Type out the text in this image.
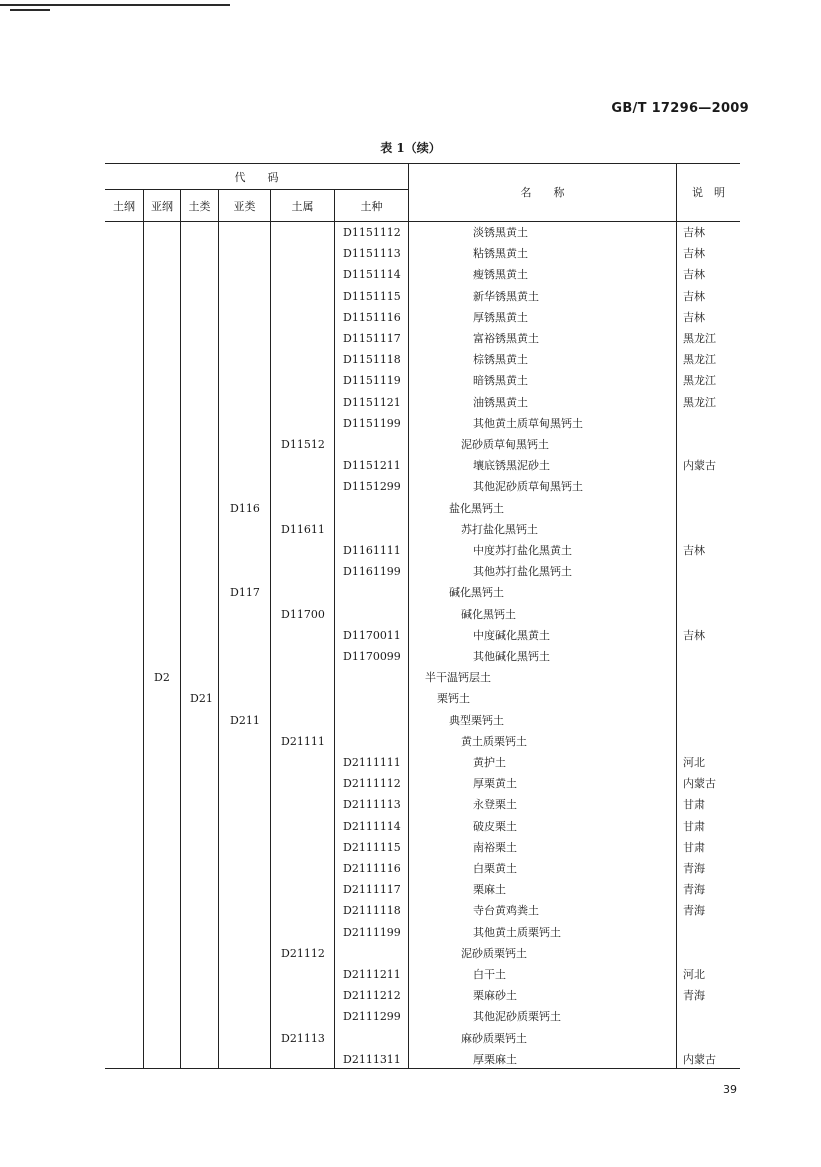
GB/T 17296—2009
表 1（续）
代　　码
名　　称	说　明
土纲	亚纲	土类	亚类	土属	土种
D1151112	淡锈黑黄土	吉林
D1151113	粘锈黑黄土	吉林
D1151114	瘦锈黑黄土	吉林
D1151115	新华锈黑黄土	吉林
D1151116	厚锈黑黄土	吉林
D1151117	富裕锈黑黄土	黑龙江
D1151118	棕锈黑黄土	黑龙江
D1151119	暗锈黑黄土	黑龙江
D1151121	油锈黑黄土	黑龙江
D1151199	其他黄土质草甸黑钙土
D11512	泥砂质草甸黑钙土
D1151211	壤底锈黑泥砂土	内蒙古
D1151299	其他泥砂质草甸黑钙土
D116	盐化黑钙土
D11611	苏打盐化黑钙土
D1161111	中度苏打盐化黑黄土	吉林
D1161199	其他苏打盐化黑钙土
D117	碱化黑钙土
D11700	碱化黑钙土
D1170011	中度碱化黑黄土	吉林
D1170099	其他碱化黑钙土
D2	半干温钙层土
D21	栗钙土
D211	典型栗钙土
D21111	黄土质栗钙土
D2111111	黄护土	河北
D2111112	厚栗黄土	内蒙古
D2111113	永登栗土	甘肃
D2111114	破皮栗土	甘肃
D2111115	南裕栗土	甘肃
D2111116	白栗黄土	青海
D2111117	栗麻土	青海
D2111118	寺台黄鸡粪土	青海
D2111199	其他黄土质栗钙土
D21112	泥砂质栗钙土
D2111211	白干土	河北
D2111212	栗麻砂土	青海
D2111299	其他泥砂质栗钙土
D21113	麻砂质栗钙土
D2111311	厚栗麻土	内蒙古
39
